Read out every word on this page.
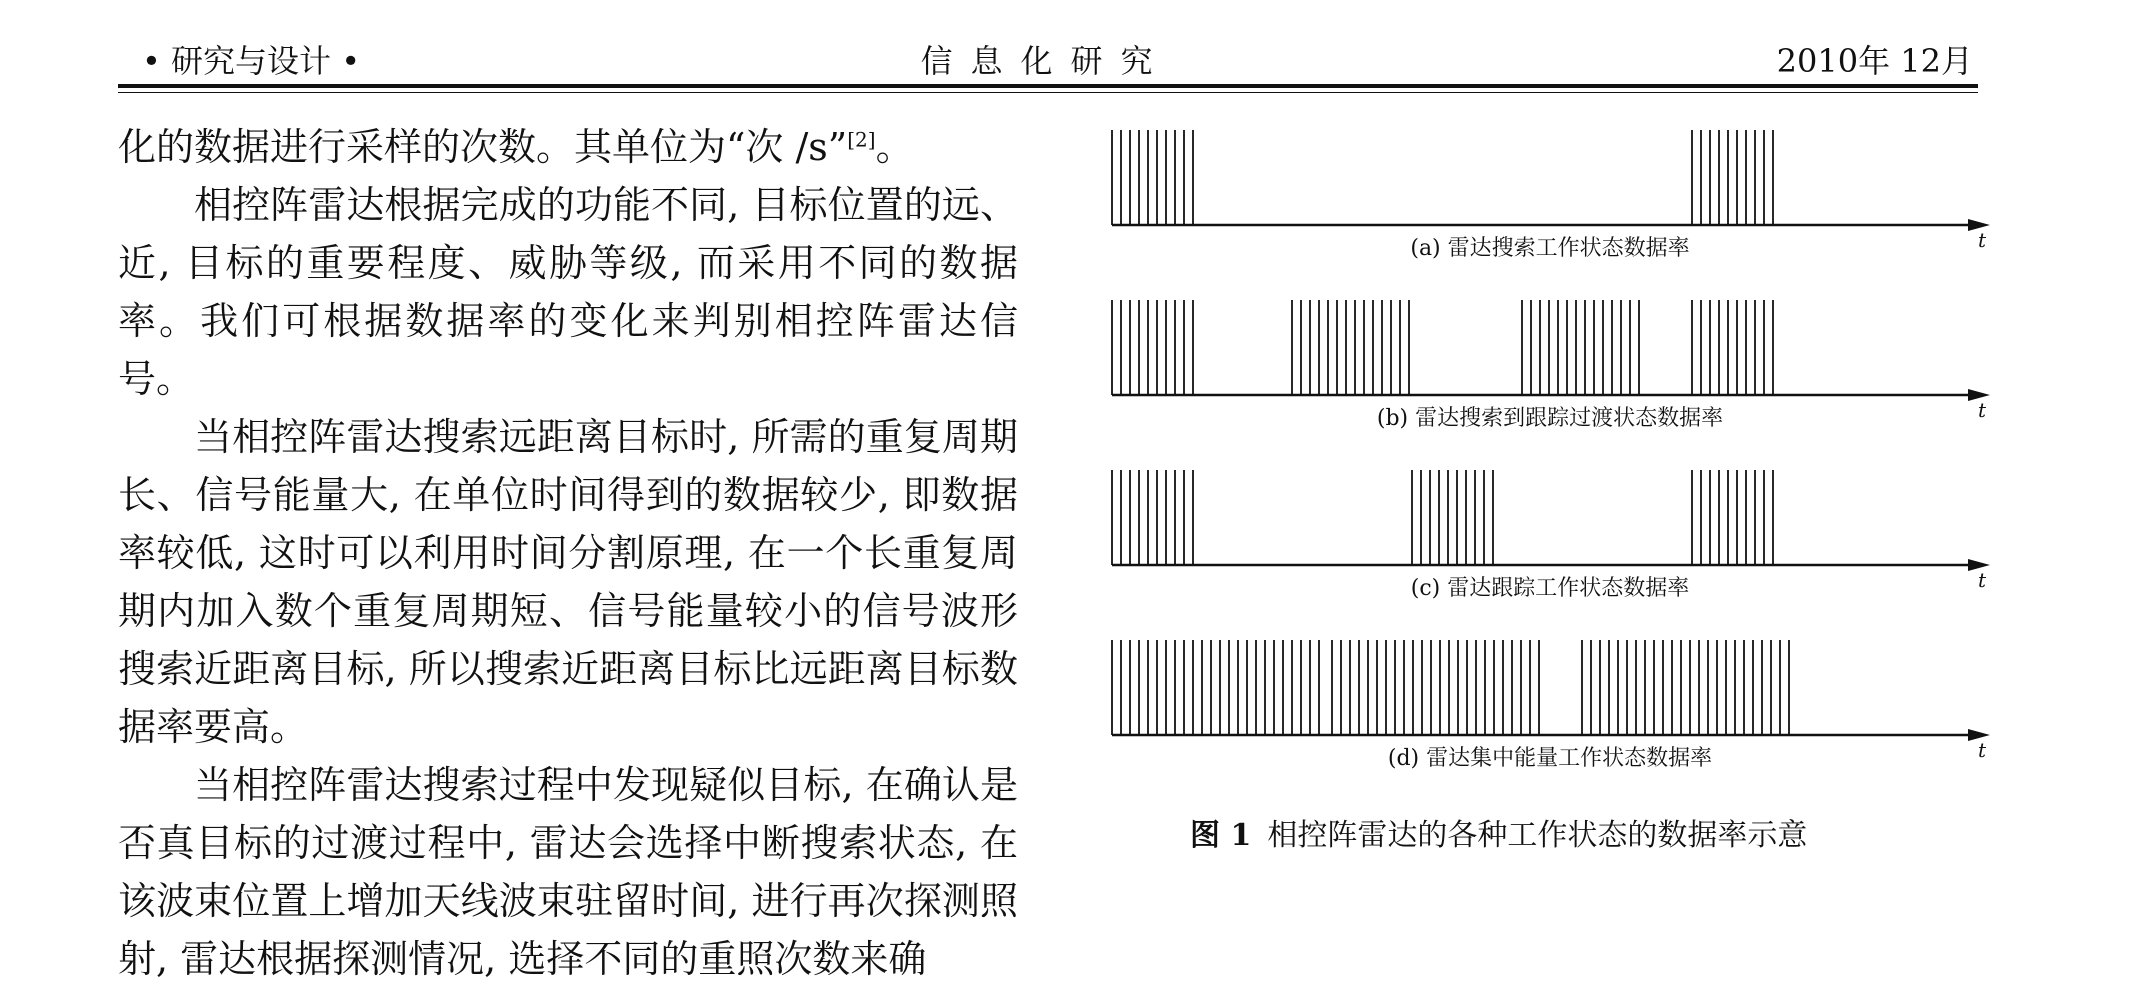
• 研究与设计 •	信息化研究	2010年 12月

化的数据进行采样的次数。其单位为“次 /s”[2]。

相控阵雷达根据完成的功能不同, 目标位置的远、近, 目标的重要程度、威胁等级, 而采用不同的数据率。我们可根据数据率的变化来判别相控阵雷达信号。

当相控阵雷达搜索远距离目标时, 所需的重复周期长、信号能量大, 在单位时间得到的数据较少, 即数据率较低, 这时可以利用时间分割原理, 在一个长重复周期内加入数个重复周期短、信号能量较小的信号波形搜索近距离目标, 所以搜索近距离目标比远距离目标数据率要高。

当相控阵雷达搜索过程中发现疑似目标, 在确认是否真目标的过渡过程中, 雷达会选择中断搜索状态, 在该波束位置上增加天线波束驻留时间, 进行再次探测照射, 雷达根据探测情况, 选择不同的重照次数来确

t
(a) 雷达搜索工作状态数据率
t
(b) 雷达搜索到跟踪过渡状态数据率
t
(c) 雷达跟踪工作状态数据率
t
(d) 雷达集中能量工作状态数据率
图 1 相控阵雷达的各种工作状态的数据率示意
